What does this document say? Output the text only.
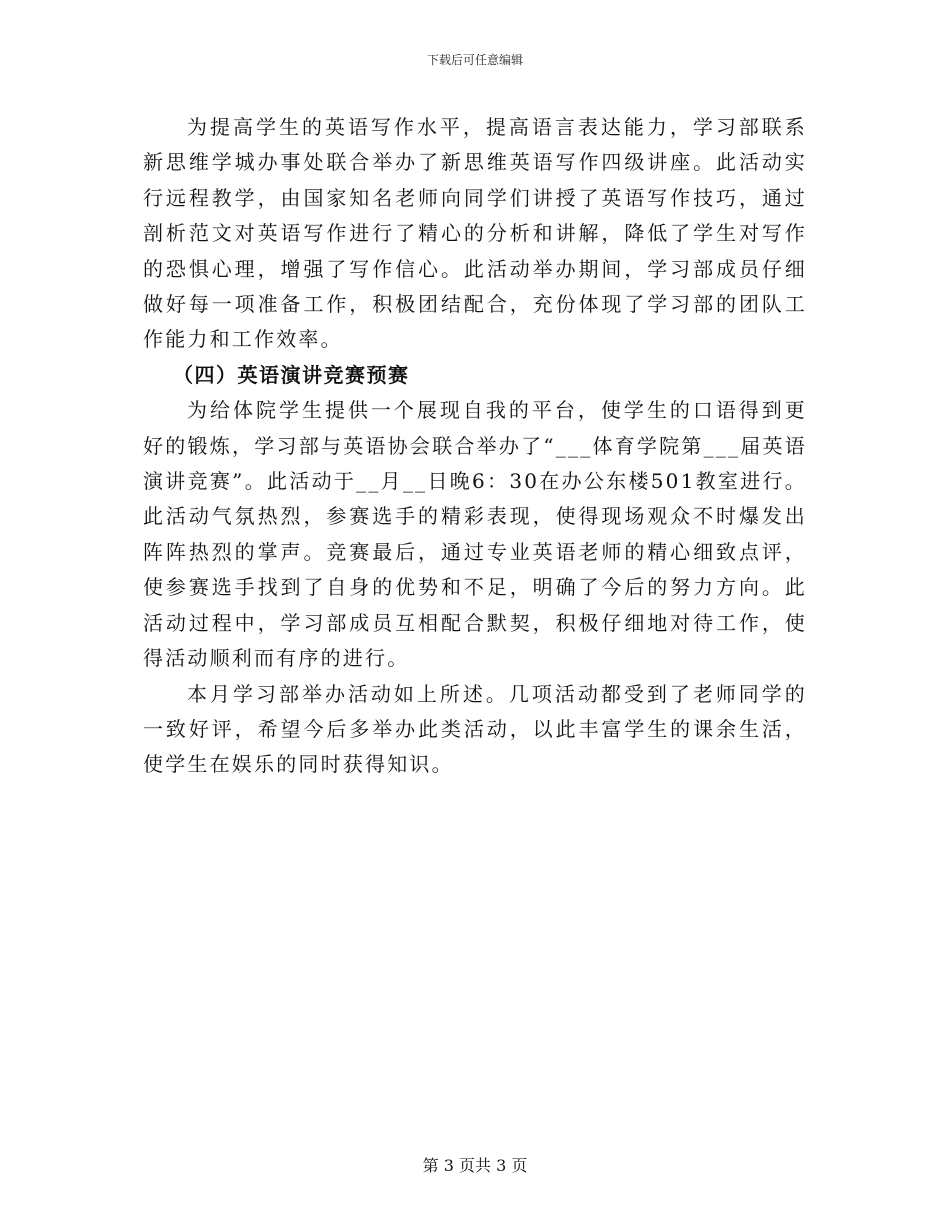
下载后可任意编辑

为提高学生的英语写作水平，提高语言表达能力，学习部联系新思维学城办事处联合举办了新思维英语写作四级讲座。此活动实行远程教学，由国家知名老师向同学们讲授了英语写作技巧，通过剖析范文对英语写作进行了精心的分析和讲解，降低了学生对写作的恐惧心理，增强了写作信心。此活动举办期间，学习部成员仔细做好每一项准备工作，积极团结配合，充份体现了学习部的团队工作能力和工作效率。

（四）英语演讲竞赛预赛

为给体院学生提供一个展现自我的平台，使学生的口语得到更好的锻炼，学习部与英语协会联合举办了“___体育学院第___届英语演讲竞赛”。此活动于__月__日晚6：30在办公东楼501教室进行。此活动气氛热烈，参赛选手的精彩表现，使得现场观众不时爆发出阵阵热烈的掌声。竞赛最后，通过专业英语老师的精心细致点评，使参赛选手找到了自身的优势和不足，明确了今后的努力方向。此活动过程中，学习部成员互相配合默契，积极仔细地对待工作，使得活动顺利而有序的进行。

本月学习部举办活动如上所述。几项活动都受到了老师同学的一致好评，希望今后多举办此类活动，以此丰富学生的课余生活，使学生在娱乐的同时获得知识。

第 3 页共 3 页
